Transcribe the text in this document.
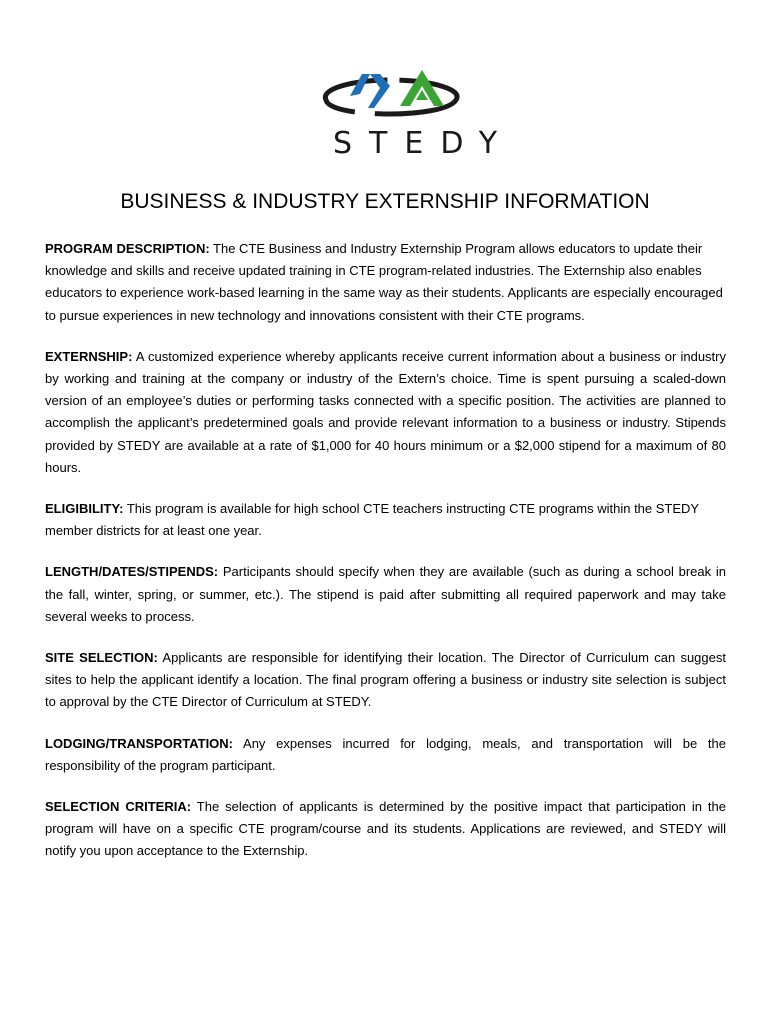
STEDY
BUSINESS & INDUSTRY EXTERNSHIP INFORMATION

PROGRAM DESCRIPTION: The CTE Business and Industry Externship Program allows educators to update their knowledge and skills and receive updated training in CTE program-related industries. The Externship also enables educators to experience work-based learning in the same way as their students. Applicants are especially encouraged to pursue experiences in new technology and innovations consistent with their CTE programs.

EXTERNSHIP: A customized experience whereby applicants receive current information about a business or industry by working and training at the company or industry of the Extern’s choice. Time is spent pursuing a scaled-down version of an employee’s duties or performing tasks connected with a specific position. The activities are planned to accomplish the applicant’s predetermined goals and provide relevant information to a business or industry. Stipends provided by STEDY are available at a rate of $1,000 for 40 hours minimum or a $2,000 stipend for a maximum of 80 hours.

ELIGIBILITY: This program is available for high school CTE teachers instructing CTE programs within the STEDY member districts for at least one year.

LENGTH/DATES/STIPENDS: Participants should specify when they are available (such as during a school break in the fall, winter, spring, or summer, etc.). The stipend is paid after submitting all required paperwork and may take several weeks to process.

SITE SELECTION: Applicants are responsible for identifying their location. The Director of Curriculum can suggest sites to help the applicant identify a location. The final program offering a business or industry site selection is subject to approval by the CTE Director of Curriculum at STEDY.

LODGING/TRANSPORTATION: Any expenses incurred for lodging, meals, and transportation will be the responsibility of the program participant.

SELECTION CRITERIA: The selection of applicants is determined by the positive impact that participation in the program will have on a specific CTE program/course and its students. Applications are reviewed, and STEDY will notify you upon acceptance to the Externship.
